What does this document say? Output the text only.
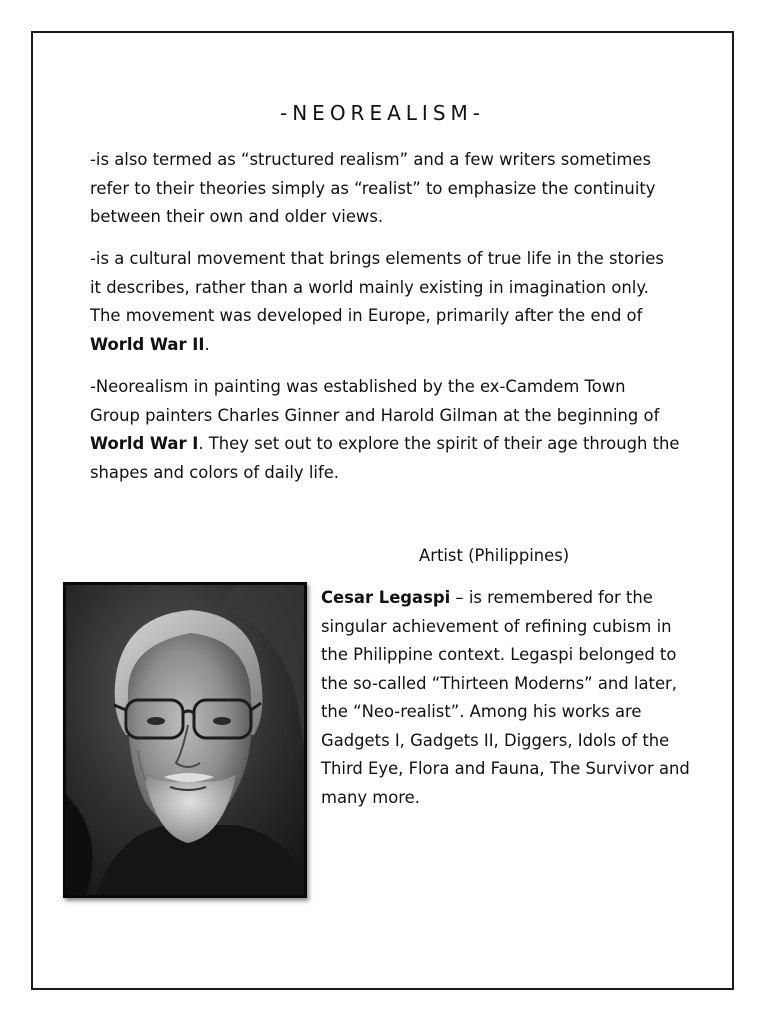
-NEOREALISM-

-is also termed as “structured realism” and a few writers sometimes refer to their theories simply as “realist” to emphasize the continuity between their own and older views.

-is a cultural movement that brings elements of true life in the stories it describes, rather than a world mainly existing in imagination only. The movement was developed in Europe, primarily after the end of World War II.

-Neorealism in painting was established by the ex-Camdem Town Group painters Charles Ginner and Harold Gilman at the beginning of World War I. They set out to explore the spirit of their age through the shapes and colors of daily life.

Artist (Philippines)

Cesar Legaspi – is remembered for the singular achievement of refining cubism in the Philippine context. Legaspi belonged to the so-called “Thirteen Moderns” and later, the “Neo-realist”. Among his works are Gadgets I, Gadgets II, Diggers, Idols of the Third Eye, Flora and Fauna, The Survivor and many more.
